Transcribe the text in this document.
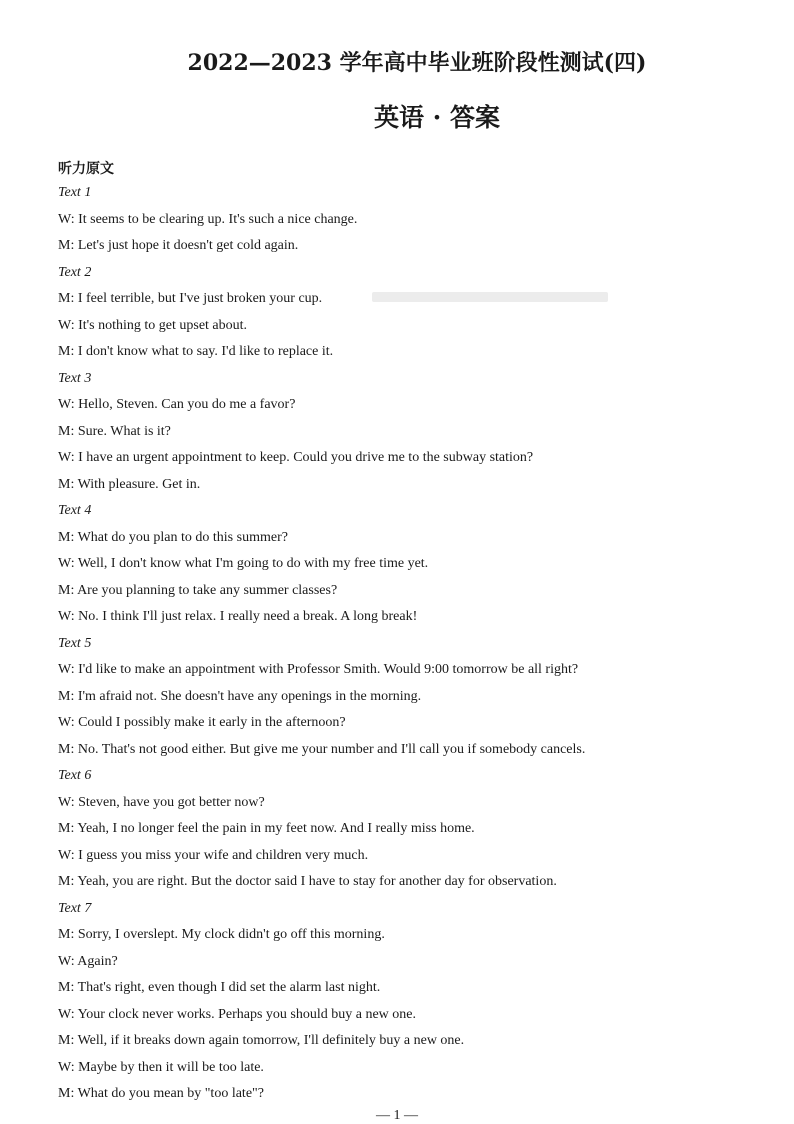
2022—2023 学年高中毕业班阶段性测试(四)
英语 · 答案
听力原文
Text 1
W: It seems to be clearing up. It's such a nice change.
M: Let's just hope it doesn't get cold again.
Text 2
M: I feel terrible, but I've just broken your cup.
W: It's nothing to get upset about.
M: I don't know what to say. I'd like to replace it.
Text 3
W: Hello, Steven. Can you do me a favor?
M: Sure. What is it?
W: I have an urgent appointment to keep. Could you drive me to the subway station?
M: With pleasure. Get in.
Text 4
M: What do you plan to do this summer?
W: Well, I don't know what I'm going to do with my free time yet.
M: Are you planning to take any summer classes?
W: No. I think I'll just relax. I really need a break. A long break!
Text 5
W: I'd like to make an appointment with Professor Smith. Would 9:00 tomorrow be all right?
M: I'm afraid not. She doesn't have any openings in the morning.
W: Could I possibly make it early in the afternoon?
M: No. That's not good either. But give me your number and I'll call you if somebody cancels.
Text 6
W: Steven, have you got better now?
M: Yeah, I no longer feel the pain in my feet now. And I really miss home.
W: I guess you miss your wife and children very much.
M: Yeah, you are right. But the doctor said I have to stay for another day for observation.
Text 7
M: Sorry, I overslept. My clock didn't go off this morning.
W: Again?
M: That's right, even though I did set the alarm last night.
W: Your clock never works. Perhaps you should buy a new one.
M: Well, if it breaks down again tomorrow, I'll definitely buy a new one.
W: Maybe by then it will be too late.
M: What do you mean by "too late"?
— 1 —
